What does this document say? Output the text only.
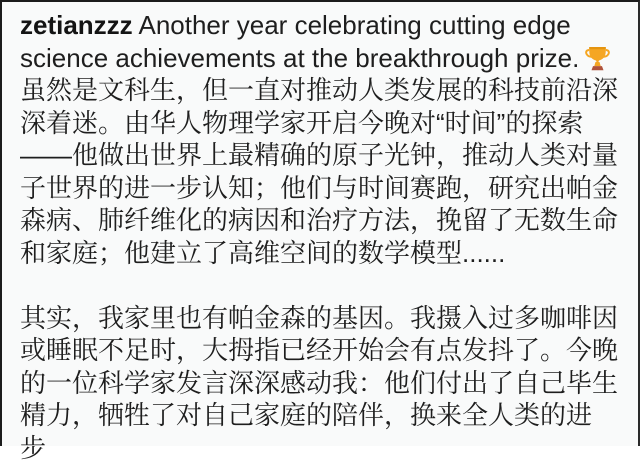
zetianzzz Another year celebrating cutting edge
science achievements at the breakthrough prize.
虽然是文科生，但一直对推动人类发展的科技前沿深
深着迷。由华人物理学家开启今晚对“时间”的探索
——他做出世界上最精确的原子光钟，推动人类对量
子世界的进一步认知；他们与时间赛跑，研究出帕金
森病、肺纤维化的病因和治疗方法，挽留了无数生命
和家庭；他建立了高维空间的数学模型......
其实，我家里也有帕金森的基因。我摄入过多咖啡因
或睡眠不足时，大拇指已经开始会有点发抖了。今晚
的一位科学家发言深深感动我：他们付出了自己毕生
精力，牺牲了对自己家庭的陪伴，换来全人类的进
步
